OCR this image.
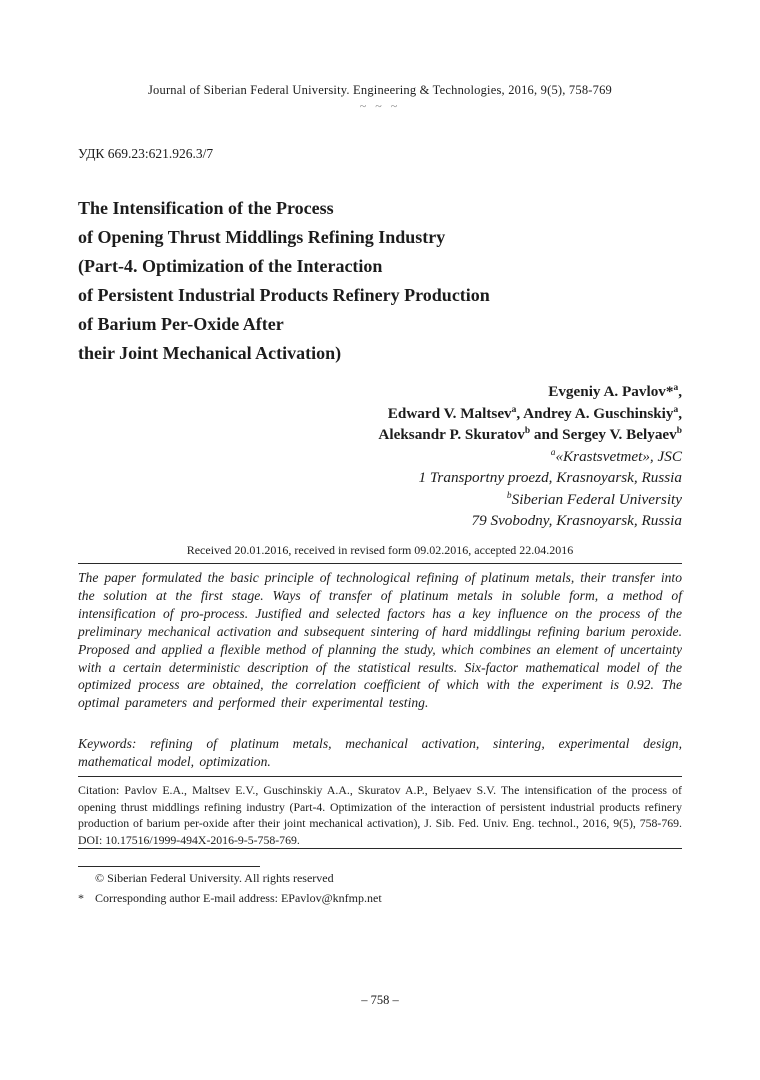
Journal of Siberian Federal University. Engineering & Technologies, 2016, 9(5), 758-769
~ ~ ~
УДК 669.23:621.926.3/7
The Intensification of the Process
of Opening Thrust Middlings Refining Industry
(Part-4. Optimization of the Interaction
of Persistent Industrial Products Refinery Production
of Barium Per-Oxide After
their Joint Mechanical Activation)
Evgeniy A. Pavlov*$^a$,
Edward V. Maltsev$^a$, Andrey A. Guschinskiy$^a$,
Aleksandr P. Skuratov$^b$ and Sergey V. Belyaev$^b$
$^a$«Krastsvetmet», JSC
1 Transportny proezd, Krasnoyarsk, Russia
$^b$Siberian Federal University
79 Svobodny, Krasnoyarsk, Russia
Received 20.01.2016, received in revised form 09.02.2016, accepted 22.04.2016

The paper formulated the basic principle of technological refining of platinum metals, their transfer into the solution at the first stage. Ways of transfer of platinum metals in soluble form, a method of intensification of pro-process. Justified and selected factors has a key influence on the process of the preliminary mechanical activation and subsequent sintering of hard middlingы refining barium peroxide. Proposed and applied a flexible method of planning the study, which combines an element of uncertainty with a certain deterministic description of the statistical results. Six-factor mathematical model of the optimized process are obtained, the correlation coefficient of which with the experiment is 0.92. The optimal parameters and performed their experimental testing.

Keywords: refining of platinum metals, mechanical activation, sintering, experimental design, mathematical model, optimization.

Citation: Pavlov E.A., Maltsev E.V., Guschinskiy A.A., Skuratov A.P., Belyaev S.V. The intensification of the process of opening thrust middlings refining industry (Part-4. Optimization of the interaction of persistent industrial products refinery production of barium per-oxide after their joint mechanical activation), J. Sib. Fed. Univ. Eng. technol., 2016, 9(5), 758-769. DOI: 10.17516/1999-494X-2016-9-5-758-769.

© Siberian Federal University. All rights reserved
* Corresponding author E-mail address: EPavlov@knfmp.net
– 758 –
